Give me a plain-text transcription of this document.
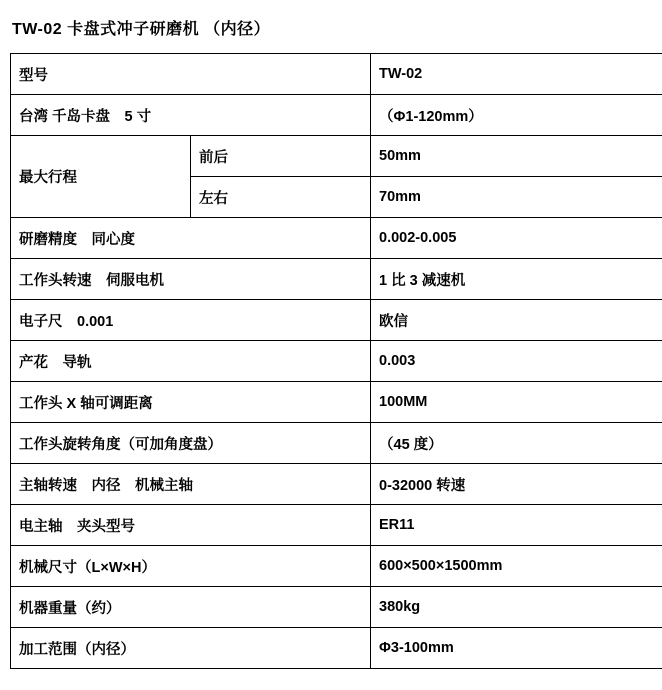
TW-02 卡盘式冲子研磨机 （内径）
型号		TW-02
台湾 千岛卡盘　5 寸		（Φ1-120mm）
最大行程	前后	50mm
	左右	70mm
研磨精度　同心度		0.002-0.005
工作头转速　伺服电机		1 比 3 减速机
电子尺　0.001		欧信
产花　导轨		0.003
工作头 X 轴可调距离		100MM
工作头旋转角度（可加角度盘）		（45 度）
主轴转速　内径　机械主轴		0-32000 转速
电主轴　夹头型号		ER11
机械尺寸（L×W×H）		600×500×1500mm
机器重量（约）		380kg
加工范围（内径）		Φ3-100mm
